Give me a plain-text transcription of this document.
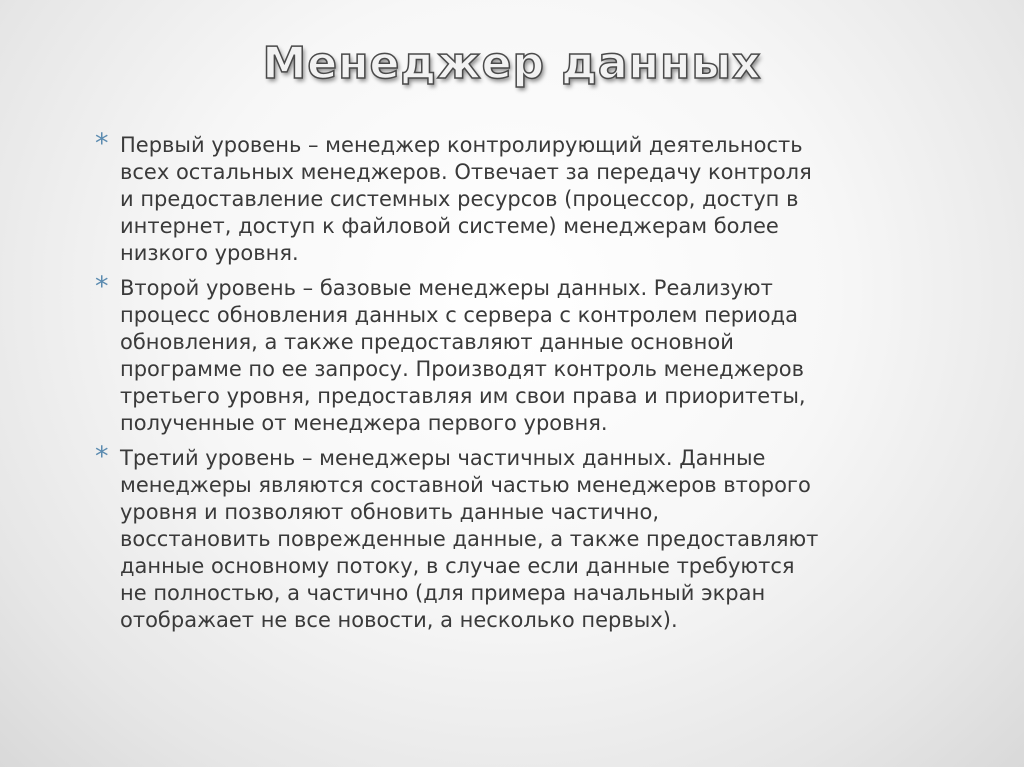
Менеджер данных
* Первый уровень – менеджер контролирующий деятельность
всех остальных менеджеров. Отвечает за передачу контроля
и предоставление системных ресурсов (процессор, доступ в
интернет, доступ к файловой системе) менеджерам более
низкого уровня.
* Второй уровень – базовые менеджеры данных. Реализуют
процесс обновления данных с сервера с контролем периода
обновления, а также предоставляют данные основной
программе по ее запросу. Производят контроль менеджеров
третьего уровня, предоставляя им свои права и приоритеты,
полученные от менеджера первого уровня.
* Третий уровень – менеджеры частичных данных. Данные
менеджеры являются составной частью менеджеров второго
уровня и позволяют обновить данные частично,
восстановить поврежденные данные, а также предоставляют
данные основному потоку, в случае если данные требуются
не полностью, а частично (для примера начальный экран
отображает не все новости, а несколько первых).
